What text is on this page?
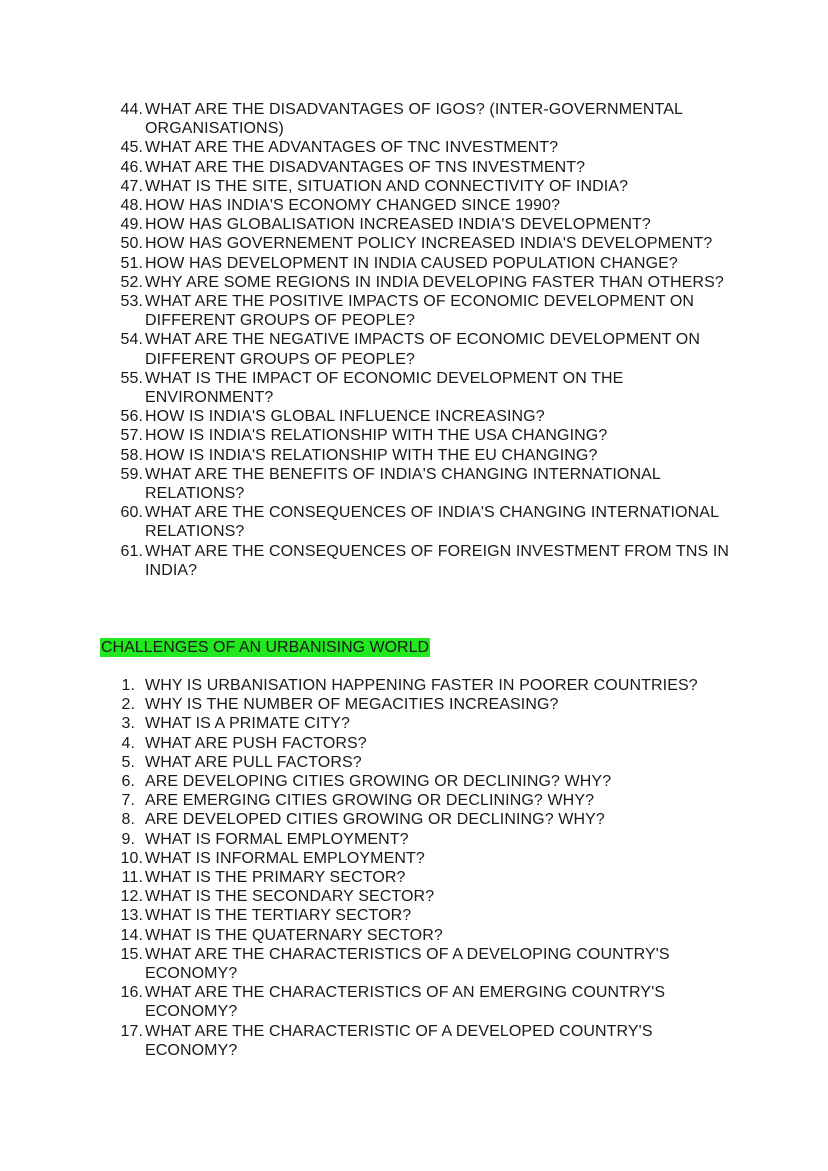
44. WHAT ARE THE DISADVANTAGES OF IGOS? (INTER-GOVERNMENTAL ORGANISATIONS)
45. WHAT ARE THE ADVANTAGES OF TNC INVESTMENT?
46. WHAT ARE THE DISADVANTAGES OF TNS INVESTMENT?
47. WHAT IS THE SITE, SITUATION AND CONNECTIVITY OF INDIA?
48. HOW HAS INDIA'S ECONOMY CHANGED SINCE 1990?
49. HOW HAS GLOBALISATION INCREASED INDIA'S DEVELOPMENT?
50. HOW HAS GOVERNEMENT POLICY INCREASED INDIA'S DEVELOPMENT?
51. HOW HAS DEVELOPMENT IN INDIA CAUSED POPULATION CHANGE?
52. WHY ARE SOME REGIONS IN INDIA DEVELOPING FASTER THAN OTHERS?
53. WHAT ARE THE POSITIVE IMPACTS OF ECONOMIC DEVELOPMENT ON DIFFERENT GROUPS OF PEOPLE?
54. WHAT ARE THE NEGATIVE IMPACTS OF ECONOMIC DEVELOPMENT ON DIFFERENT GROUPS OF PEOPLE?
55. WHAT IS THE IMPACT OF ECONOMIC DEVELOPMENT ON THE ENVIRONMENT?
56. HOW IS INDIA'S GLOBAL INFLUENCE INCREASING?
57. HOW IS INDIA'S RELATIONSHIP WITH THE USA CHANGING?
58. HOW IS INDIA'S RELATIONSHIP WITH THE EU CHANGING?
59. WHAT ARE THE BENEFITS OF INDIA'S CHANGING INTERNATIONAL RELATIONS?
60. WHAT ARE THE CONSEQUENCES OF INDIA'S CHANGING INTERNATIONAL RELATIONS?
61. WHAT ARE THE CONSEQUENCES OF FOREIGN INVESTMENT FROM TNS IN INDIA?
CHALLENGES OF AN URBANISING WORLD
1. WHY IS URBANISATION HAPPENING FASTER IN POORER COUNTRIES?
2. WHY IS THE NUMBER OF MEGACITIES INCREASING?
3. WHAT IS A PRIMATE CITY?
4. WHAT ARE PUSH FACTORS?
5. WHAT ARE PULL FACTORS?
6. ARE DEVELOPING CITIES GROWING OR DECLINING? WHY?
7. ARE EMERGING CITIES GROWING OR DECLINING? WHY?
8. ARE DEVELOPED CITIES GROWING OR DECLINING? WHY?
9. WHAT IS FORMAL EMPLOYMENT?
10. WHAT IS INFORMAL EMPLOYMENT?
11. WHAT IS THE PRIMARY SECTOR?
12. WHAT IS THE SECONDARY SECTOR?
13. WHAT IS THE TERTIARY SECTOR?
14. WHAT IS THE QUATERNARY SECTOR?
15. WHAT ARE THE CHARACTERISTICS OF A DEVELOPING COUNTRY'S ECONOMY?
16. WHAT ARE THE CHARACTERISTICS OF AN EMERGING COUNTRY'S ECONOMY?
17. WHAT ARE THE CHARACTERISTIC OF A DEVELOPED COUNTRY'S ECONOMY?
